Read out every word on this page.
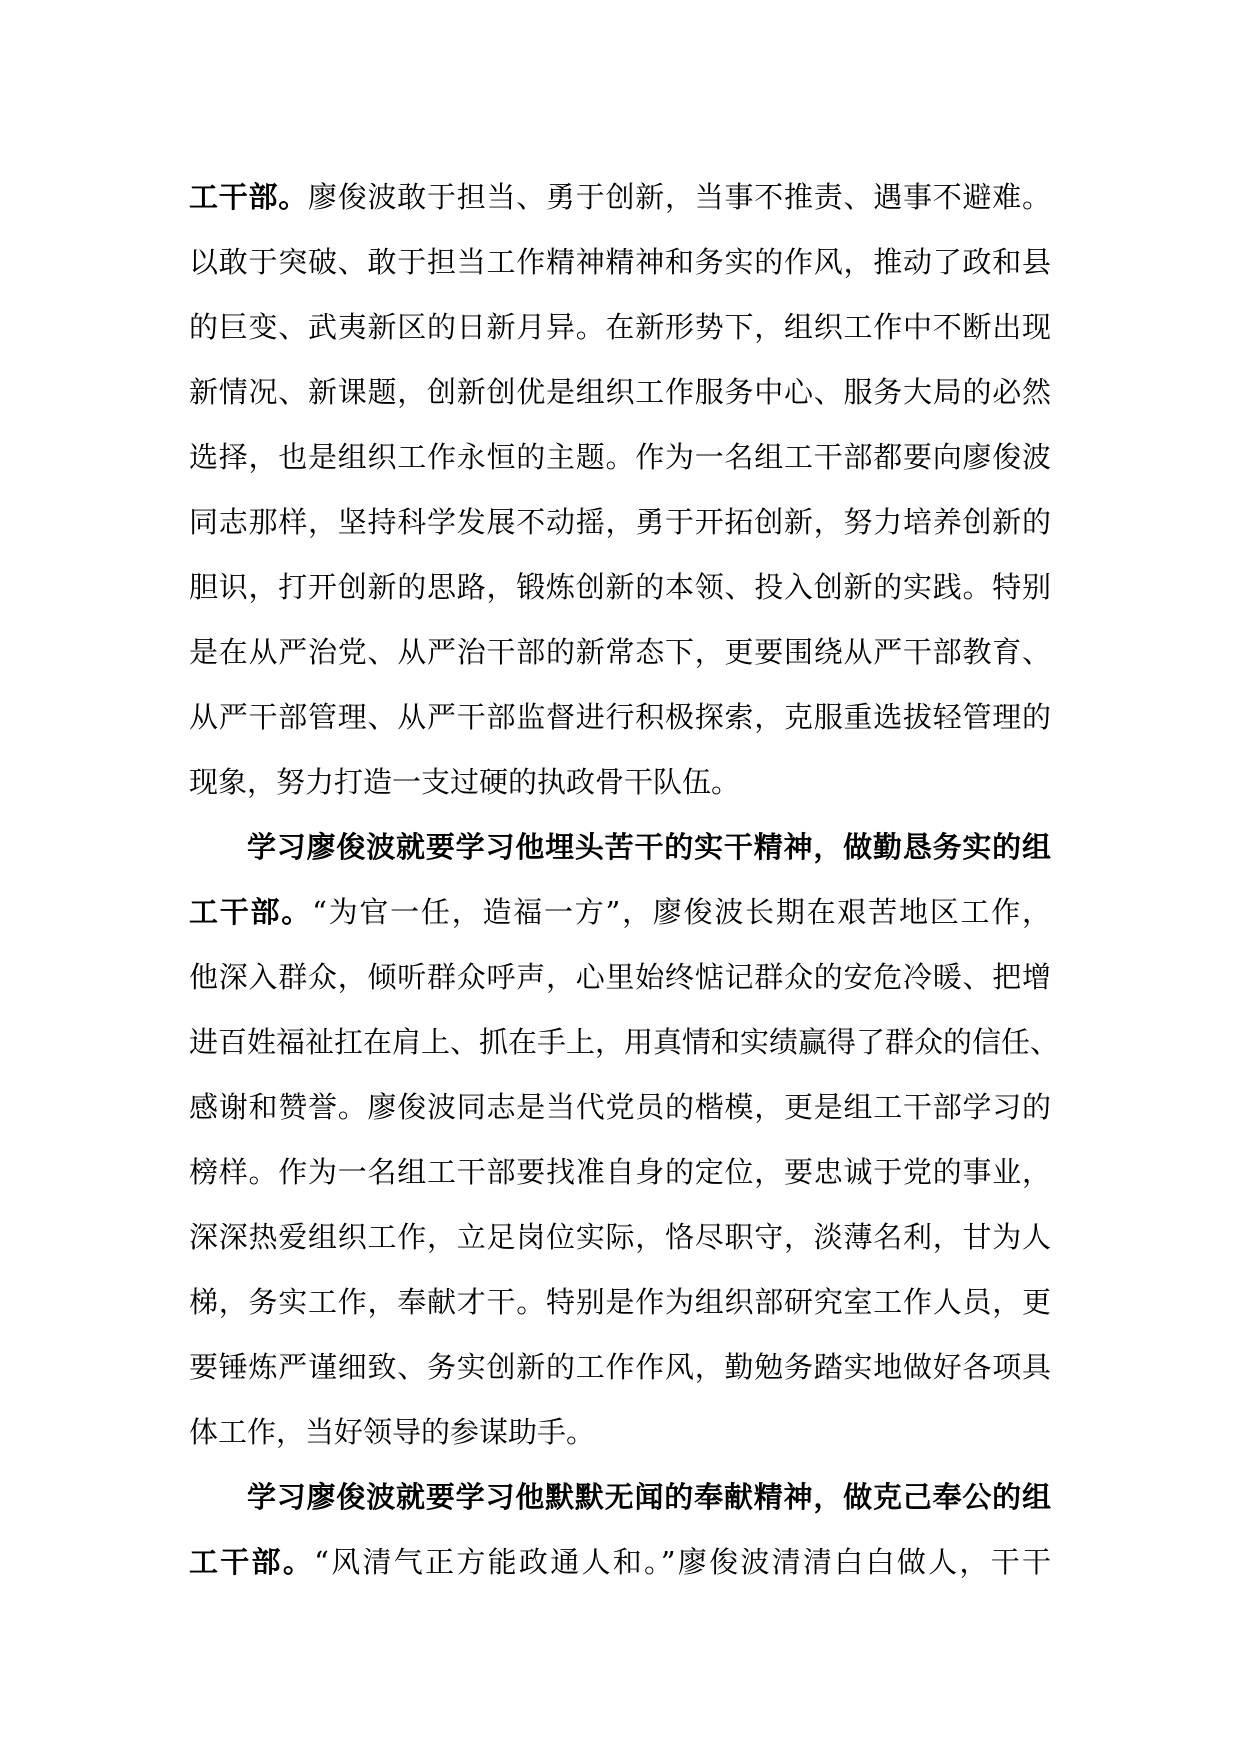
工干部。廖俊波敢于担当、勇于创新，当事不推责、遇事不避难。
以敢于突破、敢于担当工作精神精神和务实的作风，推动了政和县
的巨变、武夷新区的日新月异。在新形势下，组织工作中不断出现
新情况、新课题，创新创优是组织工作服务中心、服务大局的必然
选择，也是组织工作永恒的主题。作为一名组工干部都要向廖俊波
同志那样，坚持科学发展不动摇，勇于开拓创新，努力培养创新的
胆识，打开创新的思路，锻炼创新的本领、投入创新的实践。特别
是在从严治党、从严治干部的新常态下，更要围绕从严干部教育、
从严干部管理、从严干部监督进行积极探索，克服重选拔轻管理的
现象，努力打造一支过硬的执政骨干队伍。
学习廖俊波就要学习他埋头苦干的实干精神，做勤恳务实的组
工干部。“为官一任，造福一方”，廖俊波长期在艰苦地区工作，
他深入群众，倾听群众呼声，心里始终惦记群众的安危冷暖、把增
进百姓福祉扛在肩上、抓在手上，用真情和实绩赢得了群众的信任、
感谢和赞誉。廖俊波同志是当代党员的楷模，更是组工干部学习的
榜样。作为一名组工干部要找准自身的定位，要忠诚于党的事业，
深深热爱组织工作，立足岗位实际，恪尽职守，淡薄名利，甘为人
梯，务实工作，奉献才干。特别是作为组织部研究室工作人员，更
要锤炼严谨细致、务实创新的工作作风，勤勉务踏实地做好各项具
体工作，当好领导的参谋助手。
学习廖俊波就要学习他默默无闻的奉献精神，做克己奉公的组
工干部。“风清气正方能政通人和。”廖俊波清清白白做人，干干
